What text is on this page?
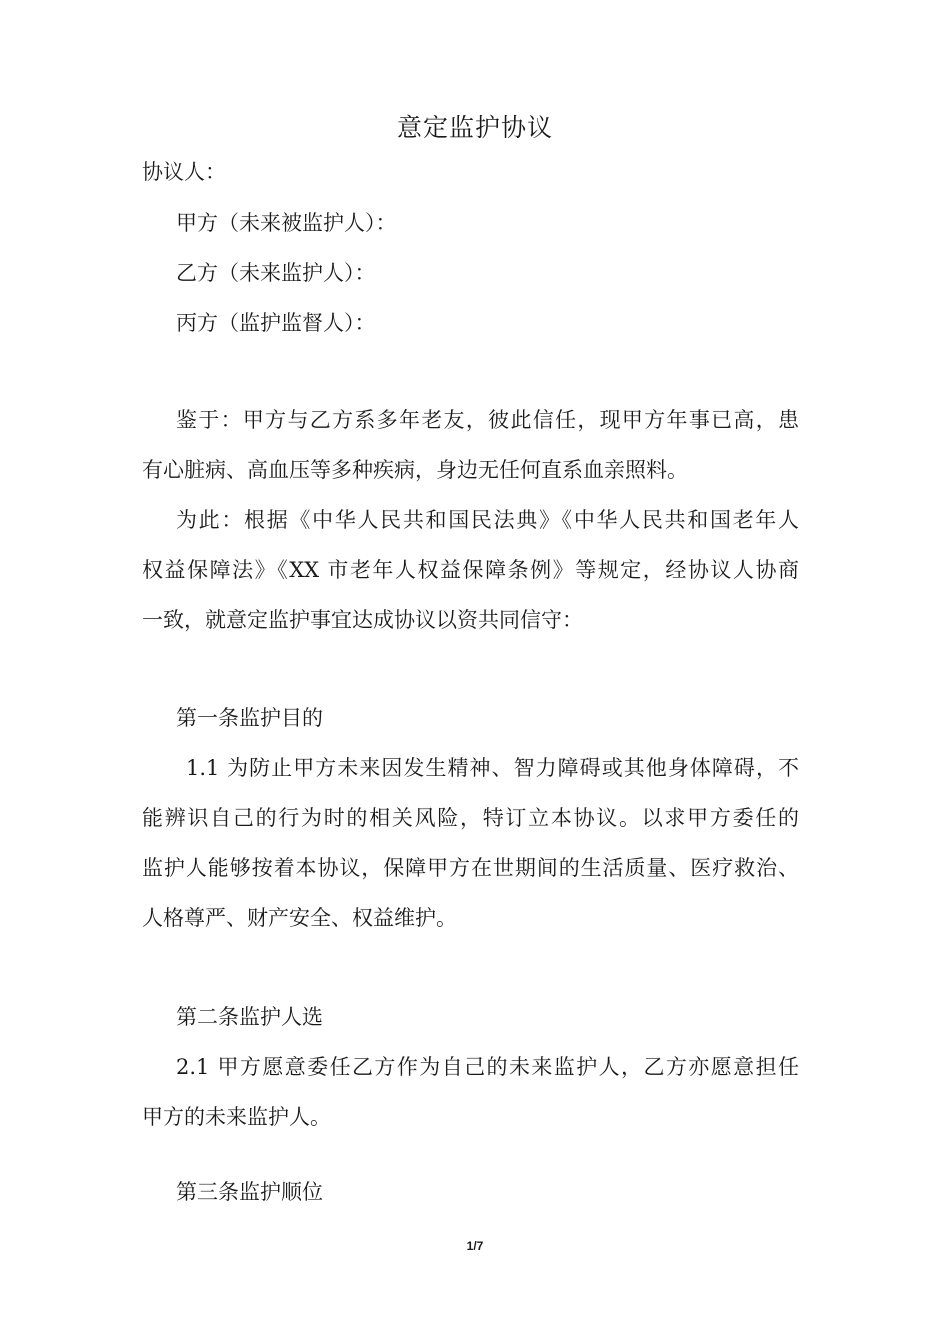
意定监护协议
协议人：
甲方（未来被监护人）：
乙方（未来监护人）：
丙方（监护监督人）：
鉴于：甲方与乙方系多年老友，彼此信任，现甲方年事已高，患
有心脏病、高血压等多种疾病，身边无任何直系血亲照料。
为此：根据《中华人民共和国民法典》《中华人民共和国老年人
权益保障法》《XX 市老年人权益保障条例》等规定，经协议人协商
一致，就意定监护事宜达成协议以资共同信守：
第一条监护目的
1.1 为防止甲方未来因发生精神、智力障碍或其他身体障碍，不
能辨识自己的行为时的相关风险，特订立本协议。以求甲方委任的
监护人能够按着本协议，保障甲方在世期间的生活质量、医疗救治、
人格尊严、财产安全、权益维护。
第二条监护人选
2.1 甲方愿意委任乙方作为自己的未来监护人，乙方亦愿意担任
甲方的未来监护人。
第三条监护顺位
1/7
